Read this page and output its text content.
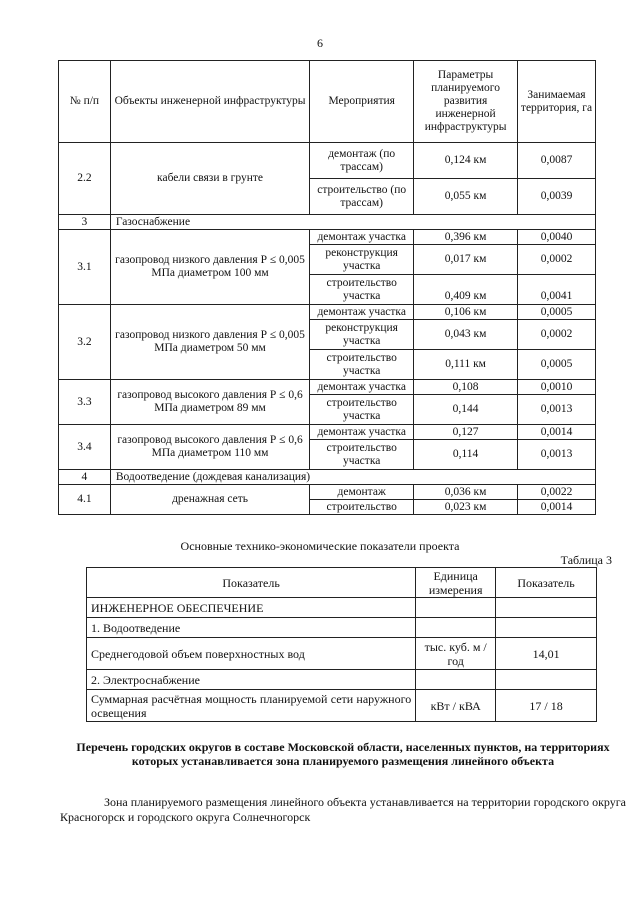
6
№ п/п	Объекты инженерной инфраструктуры	Мероприятия	Параметры планируемого развития инженерной инфраструктуры	Занимаемая территория, га
2.2	кабели связи в грунте	демонтаж (по трассам)	0,124 км	0,0087
		строительство (по трассам)	0,055 км	0,0039
3	Газоснабжение			
3.1	газопровод низкого давления Р ≤ 0,005 МПа диаметром 100 мм	демонтаж участка	0,396 км	0,0040
		реконструкция участка	0,017 км	0,0002
		строительство участка	0,409 км	0,0041
3.2	газопровод низкого давления Р ≤ 0,005 МПа диаметром 50 мм	демонтаж участка	0,106 км	0,0005
		реконструкция участка	0,043 км	0,0002
		строительство участка	0,111 км	0,0005
3.3	газопровод высокого давления Р ≤ 0,6 МПа диаметром 89 мм	демонтаж участка	0,108	0,0010
		строительство участка	0,144	0,0013
3.4	газопровод высокого давления Р ≤ 0,6 МПа диаметром 110 мм	демонтаж участка	0,127	0,0014
		строительство участка	0,114	0,0013
4	Водоотведение (дождевая канализация)			
4.1	дренажная сеть	демонтаж	0,036 км	0,0022
		строительство	0,023 км	0,0014
Основные технико-экономические показатели проекта
Таблица 3
Показатель	Единица измерения	Показатель
ИНЖЕНЕРНОЕ ОБЕСПЕЧЕНИЕ		
1. Водоотведение		
Среднегодовой объем поверхностных вод	тыс. куб. м /год	14,01
2. Электроснабжение		
Суммарная расчётная мощность планируемой сети наружного освещения	кВт / кВА	17 / 18
Перечень городских округов в составе Московской области, населенных пунктов, на территориях которых устанавливается зона планируемого размещения линейного объекта
Зона планируемого размещения линейного объекта устанавливается на территории городского округа Красногорск и городского округа Солнечногорск
